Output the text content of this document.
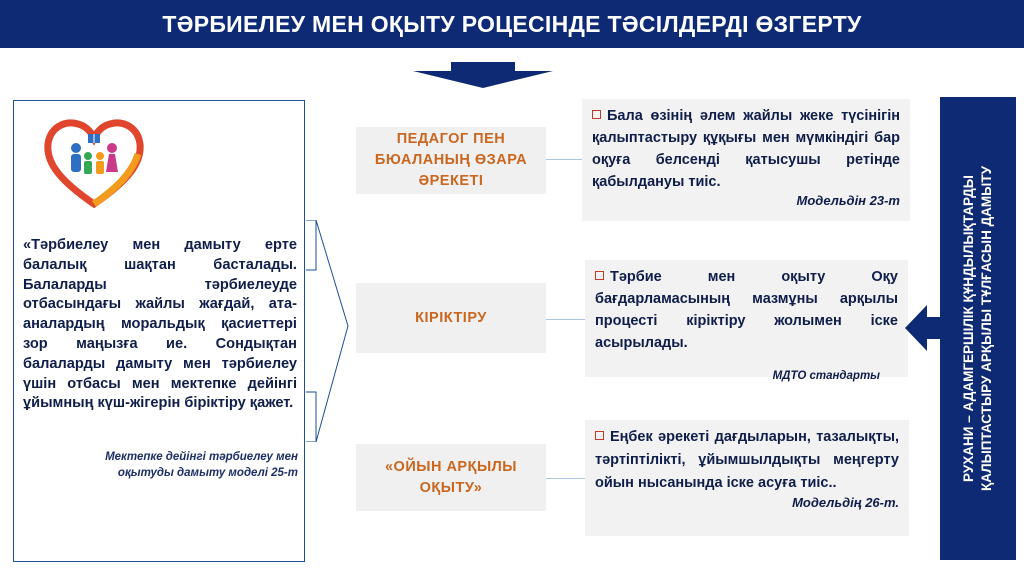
ТӘРБИЕЛЕУ МЕН ОҚЫТУ РОЦЕСІНДЕ ТӘСІЛДЕРДІ ӨЗГЕРТУ
«Тәрбиелеу мен дамыту ерте балалық шақтан басталады. Балаларды тәрбиелеуде отбасындағы жайлы жағдай, ата-аналардың моральдық қасиеттері зор маңызға ие. Сондықтан балаларды дамыту мен тәрбиелеу үшін отбасы мен мектепке дейінгі ұйымның күш-жігерін біріктіру қажет.
Мектепке дейінгі тәрбиелеу мен оқытуды дамыту моделі 25-т
ПЕДАГОГ ПЕН БЮАЛАНЫҢ ӨЗАРА ӘРЕКЕТІ
Бала өзінің әлем жайлы жеке түсінігін қалыптастыру құқығы мен мүмкіндігі бар оқуға белсенді қатысушы ретінде қабылдануы тиіс.
Модельдін 23-т
КІРІКТІРУ
Тәрбие мен оқыту Оқу бағдарламасының мазмұны арқылы процесті кіріктіру жолымен іске асырылады.
МДТО стандарты
«ОЙЫН АРҚЫЛЫ ОҚЫТУ»
Еңбек әрекеті дағдыларын, тазалықты, тәртіптілікті, ұйымшылдықты меңгерту ойын нысанында іске асуға тиіс..
Модельдің 26-т.
РУХАНИ – АДАМГЕРШІЛІК ҚҰНДЫЛЫҚТАРДЫ ҚАЛЫПТАСТЫРУ АРҚЫЛЫ ТҰЛҒАСЫН ДАМЫТУ
